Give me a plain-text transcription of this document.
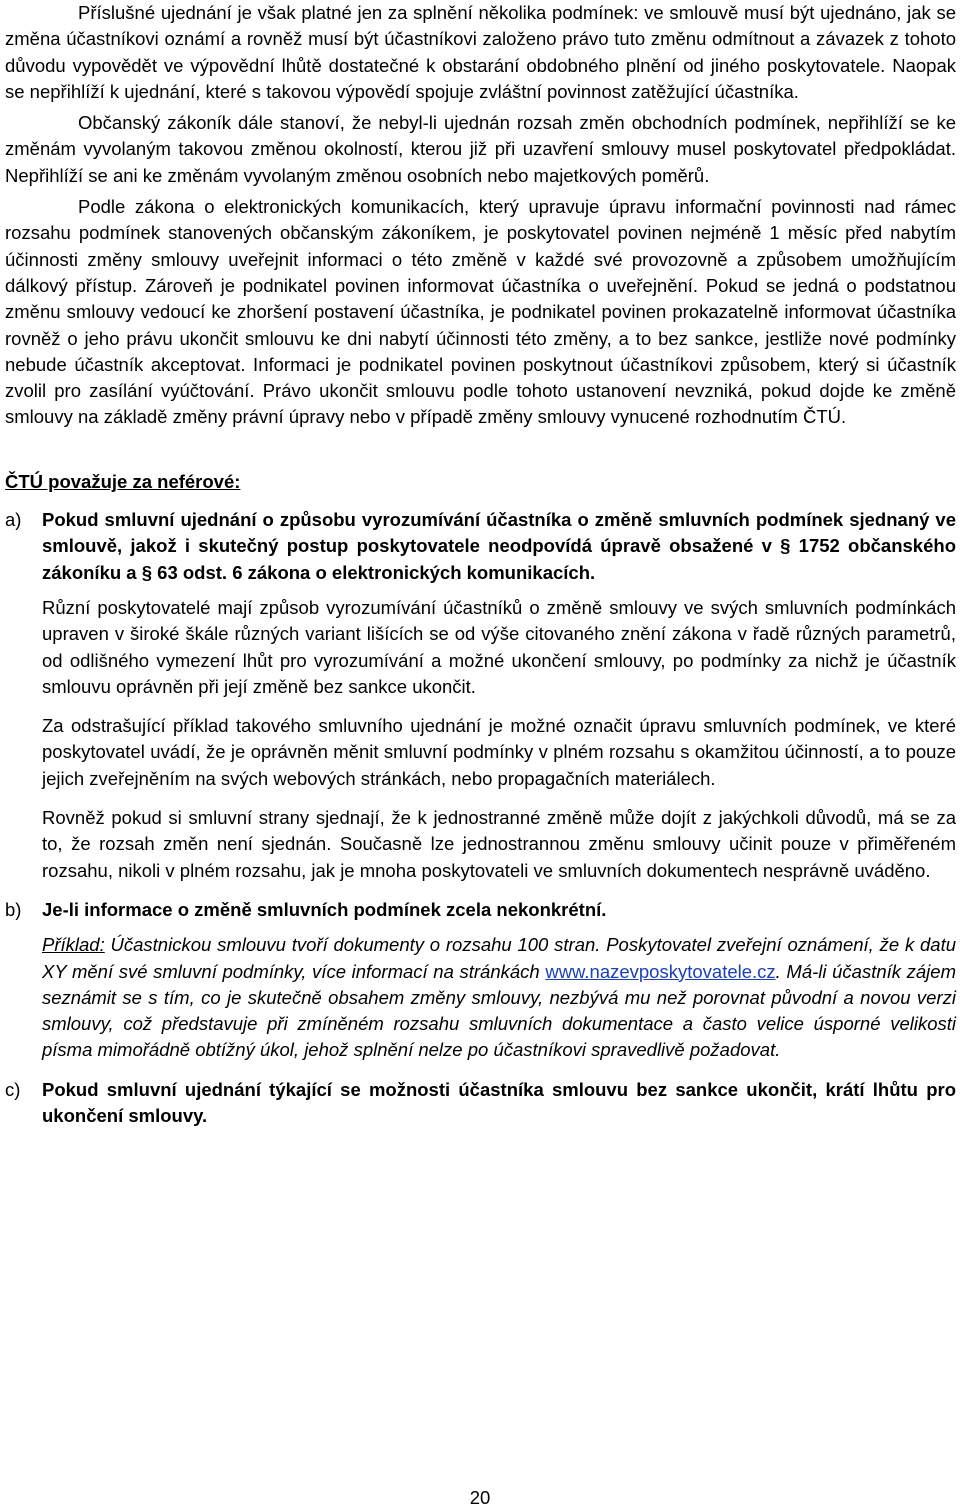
Příslušné ujednání je však platné jen za splnění několika podmínek: ve smlouvě musí být ujednáno, jak se změna účastníkovi oznámí a rovněž musí být účastníkovi založeno právo tuto změnu odmítnout a závazek z tohoto důvodu vypovědět ve výpovědní lhůtě dostatečné k obstarání obdobného plnění od jiného poskytovatele. Naopak se nepřihlíží k ujednání, které s takovou výpovědí spojuje zvláštní povinnost zatěžující účastníka.

Občanský zákoník dále stanoví, že nebyl-li ujednán rozsah změn obchodních podmínek, nepřihlíží se ke změnám vyvolaným takovou změnou okolností, kterou již při uzavření smlouvy musel poskytovatel předpokládat. Nepřihlíží se ani ke změnám vyvolaným změnou osobních nebo majetkových poměrů.

Podle zákona o elektronických komunikacích, který upravuje úpravu informační povinnosti nad rámec rozsahu podmínek stanovených občanským zákoníkem, je poskytovatel povinen nejméně 1 měsíc před nabytím účinnosti změny smlouvy uveřejnit informaci o této změně v každé své provozovně a způsobem umožňujícím dálkový přístup. Zároveň je podnikatel povinen informovat účastníka o uveřejnění. Pokud se jedná o podstatnou změnu smlouvy vedoucí ke zhoršení postavení účastníka, je podnikatel povinen prokazatelně informovat účastníka rovněž o jeho právu ukončit smlouvu ke dni nabytí účinnosti této změny, a to bez sankce, jestliže nové podmínky nebude účastník akceptovat. Informaci je podnikatel povinen poskytnout účastníkovi způsobem, který si účastník zvolil pro zasílání vyúčtování. Právo ukončit smlouvu podle tohoto ustanovení nevzniká, pokud dojde ke změně smlouvy na základě změny právní úpravy nebo v případě změny smlouvy vynucené rozhodnutím ČTÚ.

ČTÚ považuje za neférové:

a) Pokud smluvní ujednání o způsobu vyrozumívání účastníka o změně smluvních podmínek sjednaný ve smlouvě, jakož i skutečný postup poskytovatele neodpovídá úpravě obsažené v § 1752 občanského zákoníku a § 63 odst. 6 zákona o elektronických komunikacích.

Různí poskytovatelé mají způsob vyrozumívání účastníků o změně smlouvy ve svých smluvních podmínkách upraven v široké škále různých variant lišících se od výše citovaného znění zákona v řadě různých parametrů, od odlišného vymezení lhůt pro vyrozumívání a možné ukončení smlouvy, po podmínky za nichž je účastník smlouvu oprávněn při její změně bez sankce ukončit.

Za odstrašující příklad takového smluvního ujednání je možné označit úpravu smluvních podmínek, ve které poskytovatel uvádí, že je oprávněn měnit smluvní podmínky v plném rozsahu s okamžitou účinností, a to pouze jejich zveřejněním na svých webových stránkách, nebo propagačních materiálech.

Rovněž pokud si smluvní strany sjednají, že k jednostranné změně může dojít z jakýchkoli důvodů, má se za to, že rozsah změn není sjednán. Současně lze jednostrannou změnu smlouvy učinit pouze v přiměřeném rozsahu, nikoli v plném rozsahu, jak je mnoha poskytovateli ve smluvních dokumentech nesprávně uváděno.

b) Je-li informace o změně smluvních podmínek zcela nekonkrétní.

Příklad: Účastnickou smlouvu tvoří dokumenty o rozsahu 100 stran. Poskytovatel zveřejní oznámení, že k datu XY mění své smluvní podmínky, více informací na stránkách www.nazevposkytovatele.cz. Má-li účastník zájem seznámit se s tím, co je skutečně obsahem změny smlouvy, nezbývá mu než porovnat původní a novou verzi smlouvy, což představuje při zmíněném rozsahu smluvních dokumentace a často velice úsporné velikosti písma mimořádně obtížný úkol, jehož splnění nelze po účastníkovi spravedlivě požadovat.

c) Pokud smluvní ujednání týkající se možnosti účastníka smlouvu bez sankce ukončit, krátí lhůtu pro ukončení smlouvy.

20
